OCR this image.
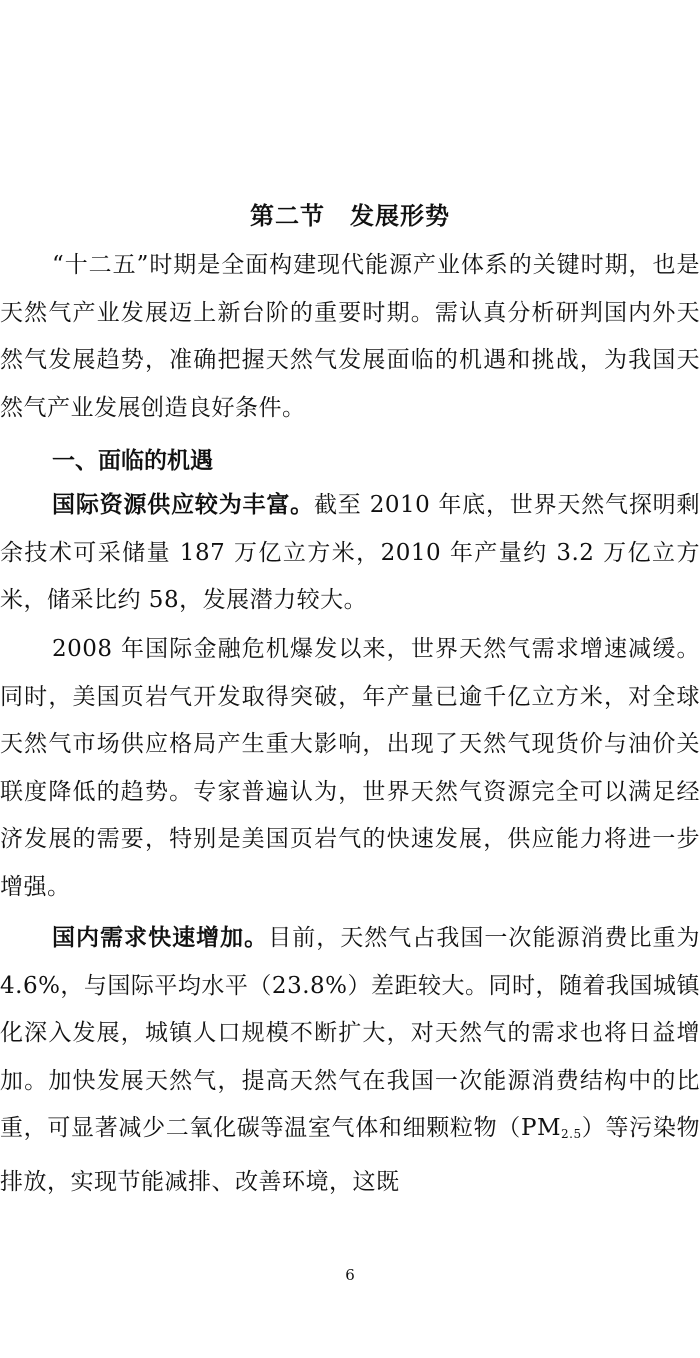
第二节　发展形势

“十二五”时期是全面构建现代能源产业体系的关键时期，也是天然气产业发展迈上新台阶的重要时期。需认真分析研判国内外天然气发展趋势，准确把握天然气发展面临的机遇和挑战，为我国天然气产业发展创造良好条件。

一、面临的机遇

国际资源供应较为丰富。截至 2010 年底，世界天然气探明剩余技术可采储量 187 万亿立方米，2010 年产量约 3.2 万亿立方米，储采比约 58，发展潜力较大。

2008 年国际金融危机爆发以来，世界天然气需求增速减缓。同时，美国页岩气开发取得突破，年产量已逾千亿立方米，对全球天然气市场供应格局产生重大影响，出现了天然气现货价与油价关联度降低的趋势。专家普遍认为，世界天然气资源完全可以满足经济发展的需要，特别是美国页岩气的快速发展，供应能力将进一步增强。

国内需求快速增加。目前，天然气占我国一次能源消费比重为 4.6%，与国际平均水平（23.8%）差距较大。同时，随着我国城镇化深入发展，城镇人口规模不断扩大，对天然气的需求也将日益增加。加快发展天然气，提高天然气在我国一次能源消费结构中的比重，可显著减少二氧化碳等温室气体和细颗粒物$(PM_{2.5})$等污染物排放，实现节能减排、改善环境，这既

6
